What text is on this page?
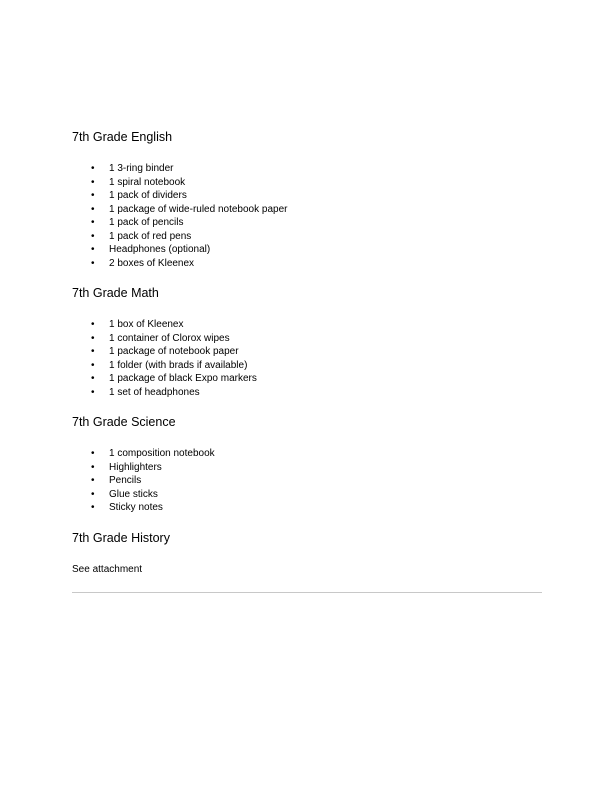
7th Grade English
• 1 3-ring binder
• 1 spiral notebook
• 1 pack of dividers
• 1 package of wide-ruled notebook paper
• 1 pack of pencils
• 1 pack of red pens
• Headphones (optional)
• 2 boxes of Kleenex
7th Grade Math
• 1 box of Kleenex
• 1 container of Clorox wipes
• 1 package of notebook paper
• 1 folder (with brads if available)
• 1 package of black Expo markers
• 1 set of headphones
7th Grade Science
• 1 composition notebook
• Highlighters
• Pencils
• Glue sticks
• Sticky notes
7th Grade History

See attachment
